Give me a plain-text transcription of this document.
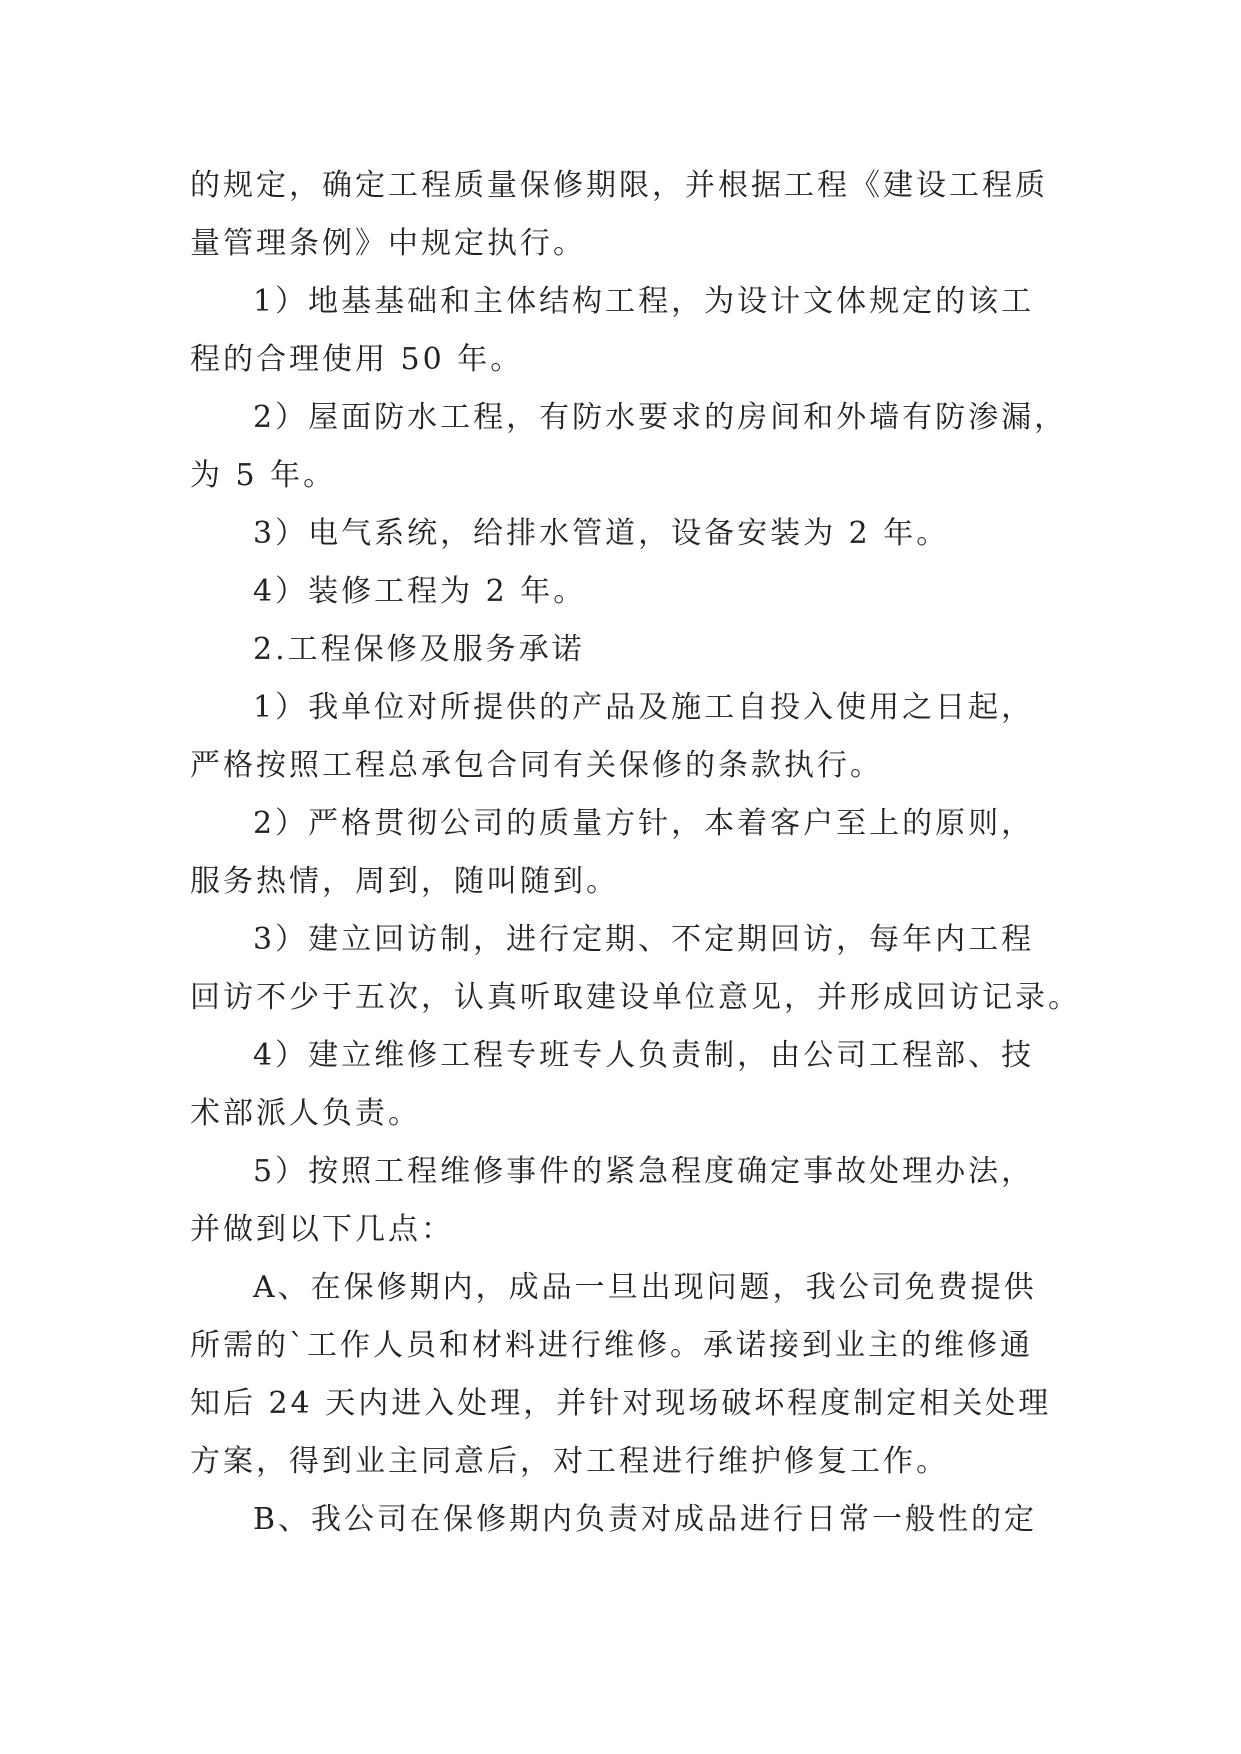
的规定，确定工程质量保修期限，并根据工程《建设工程质
量管理条例》中规定执行。
1）地基基础和主体结构工程，为设计文体规定的该工
程的合理使用 50 年。
2）屋面防水工程，有防水要求的房间和外墙有防渗漏，
为 5 年。
3）电气系统，给排水管道，设备安装为 2 年。
4）装修工程为 2 年。
2.工程保修及服务承诺
1）我单位对所提供的产品及施工自投入使用之日起，
严格按照工程总承包合同有关保修的条款执行。
2）严格贯彻公司的质量方针，本着客户至上的原则，
服务热情，周到，随叫随到。
3）建立回访制，进行定期、不定期回访，每年内工程
回访不少于五次，认真听取建设单位意见，并形成回访记录。
4）建立维修工程专班专人负责制，由公司工程部、技
术部派人负责。
5）按照工程维修事件的紧急程度确定事故处理办法，
并做到以下几点：
A、在保修期内，成品一旦出现问题，我公司免费提供
所需的`工作人员和材料进行维修。承诺接到业主的维修通
知后 24 天内进入处理，并针对现场破坏程度制定相关处理
方案，得到业主同意后，对工程进行维护修复工作。
B、我公司在保修期内负责对成品进行日常一般性的定
